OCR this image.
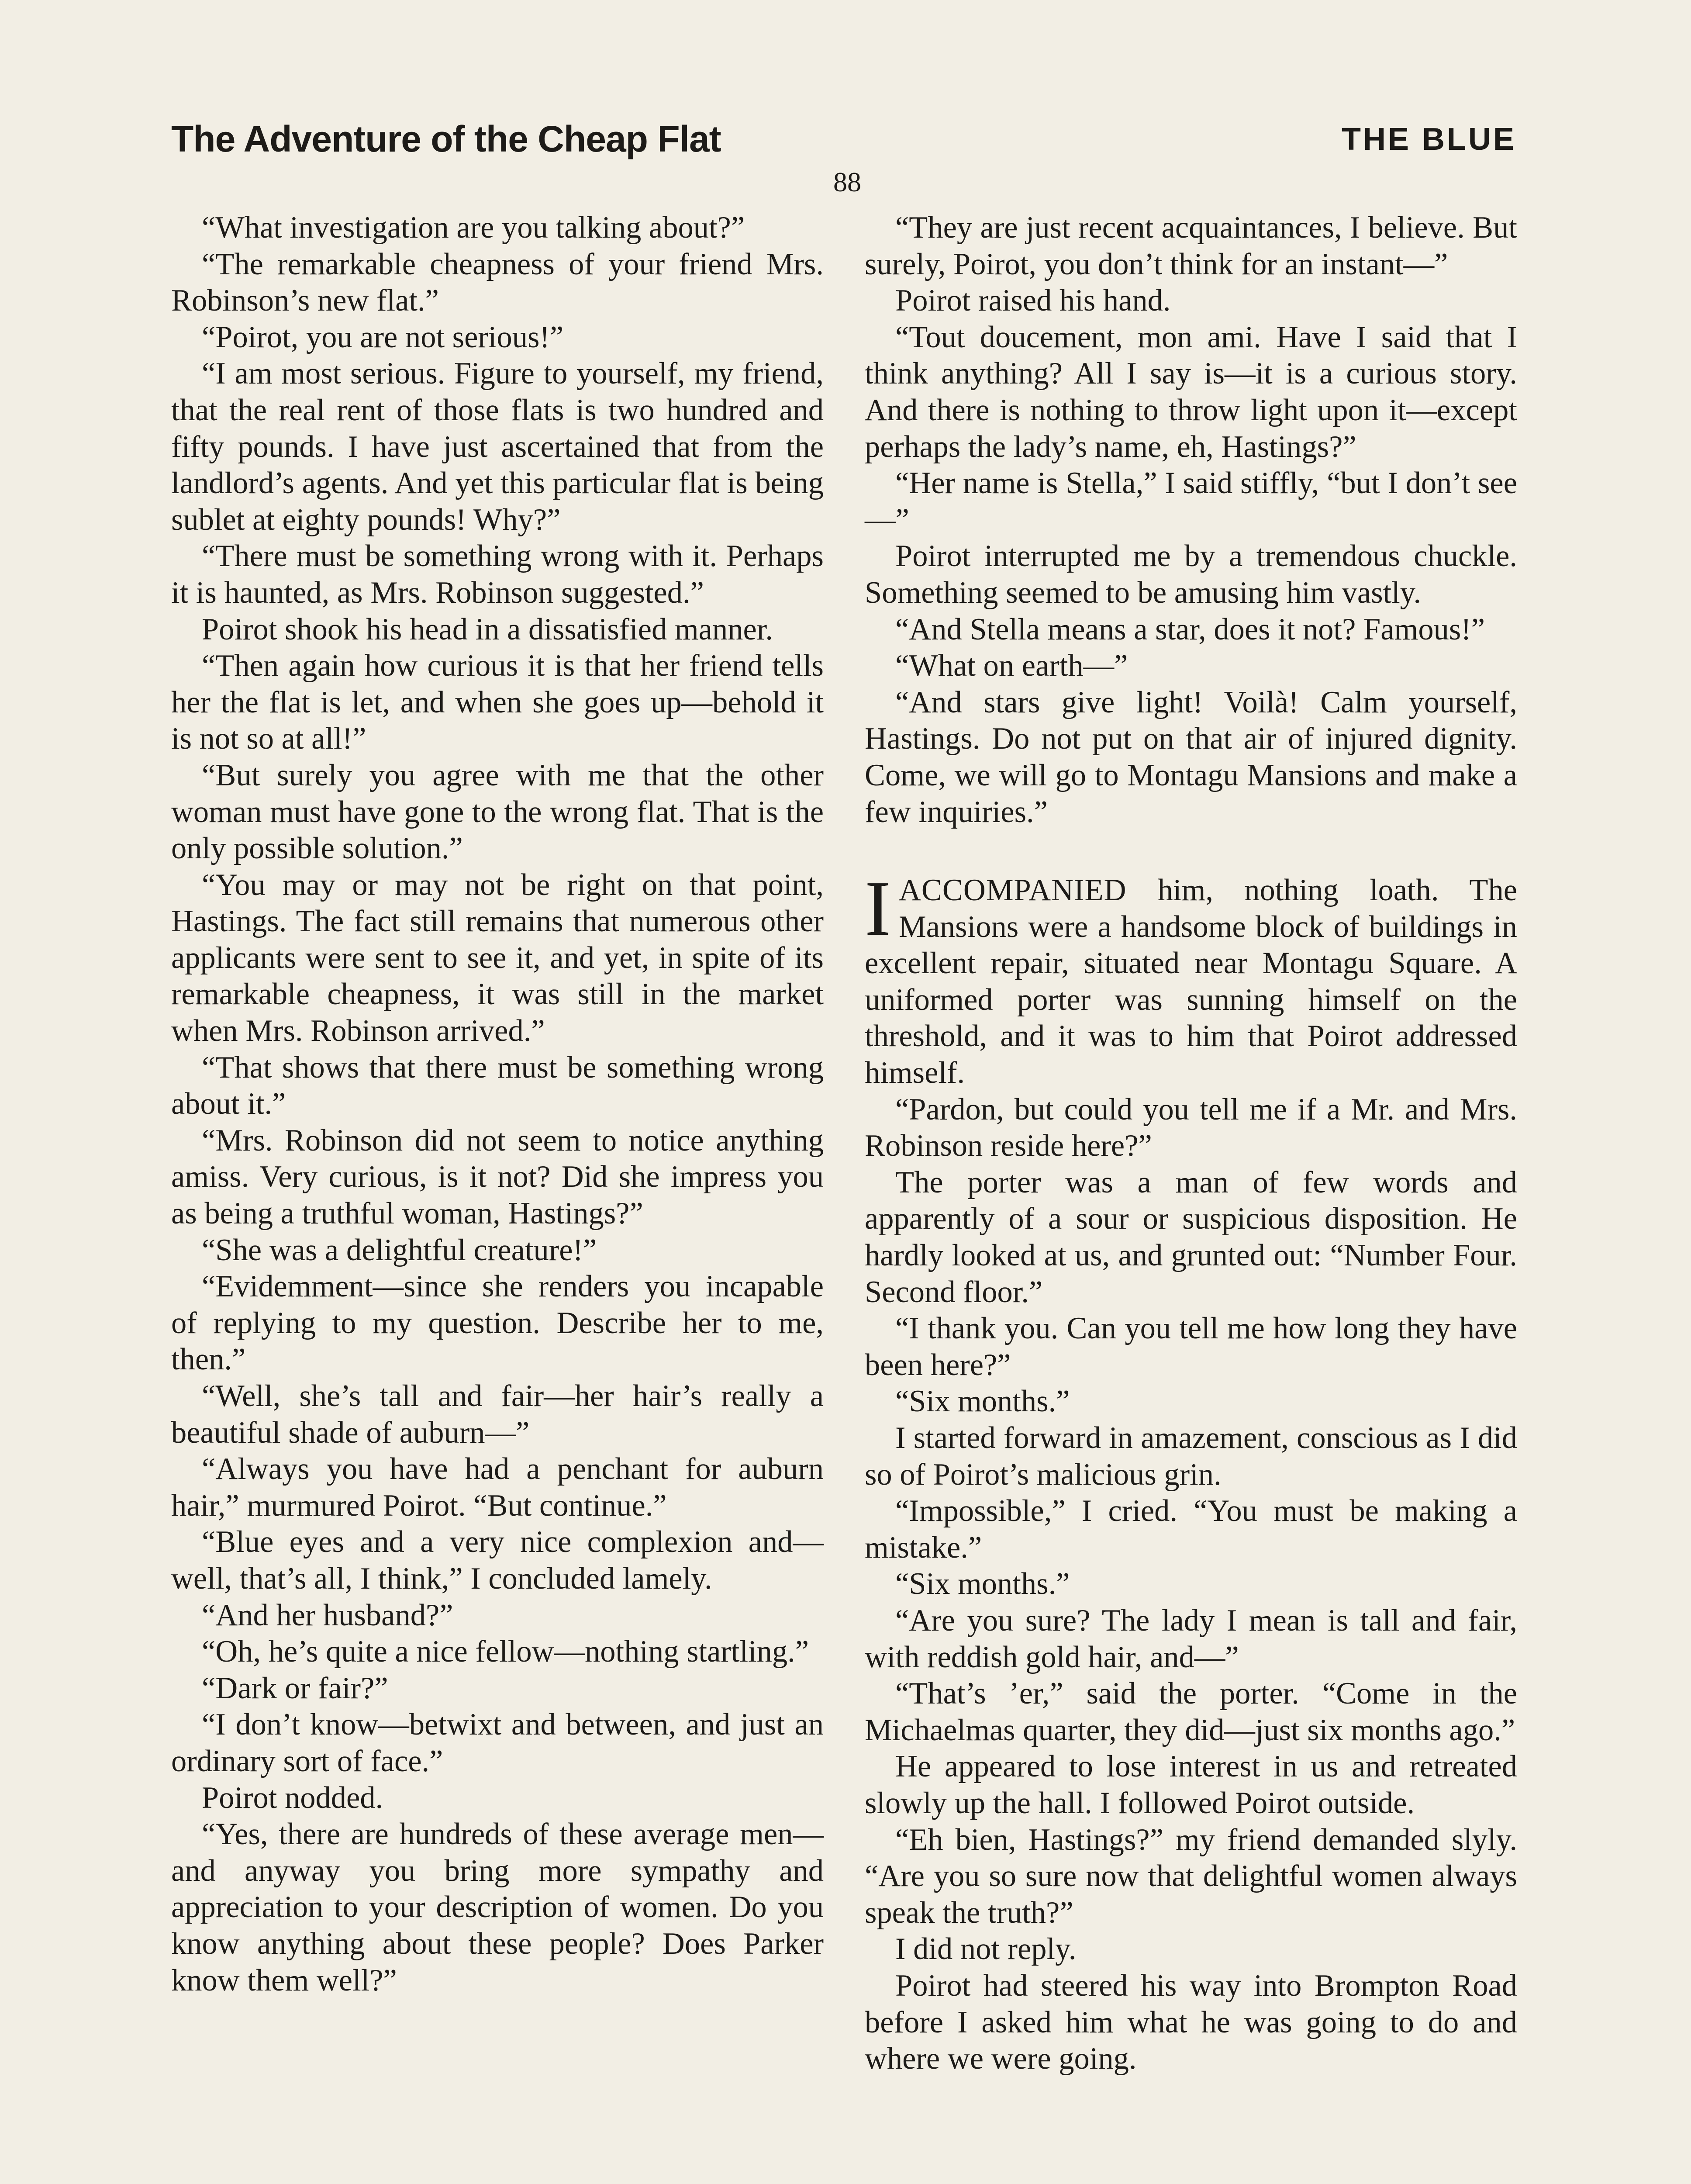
The Adventure of the Cheap Flat	THE BLUE
88

“What investigation are you talking about?”

“The remarkable cheapness of your friend Mrs. Robinson’s new flat.”

“Poirot, you are not serious!”

“I am most serious. Figure to yourself, my friend, that the real rent of those flats is two hundred and fifty pounds. I have just ascertained that from the landlord’s agents. And yet this particular flat is being sublet at eighty pounds! Why?”

“There must be something wrong with it. Perhaps it is haunted, as Mrs. Robinson suggested.”

Poirot shook his head in a dissatisfied manner.

“Then again how curious it is that her friend tells her the flat is let, and when she goes up—behold it is not so at all!”

“But surely you agree with me that the other woman must have gone to the wrong flat. That is the only possible solution.”

“You may or may not be right on that point, Hastings. The fact still remains that numerous other applicants were sent to see it, and yet, in spite of its remarkable cheapness, it was still in the market when Mrs. Robinson arrived.”

“That shows that there must be something wrong about it.”

“Mrs. Robinson did not seem to notice anything amiss. Very curious, is it not? Did she impress you as being a truthful woman, Hastings?”

“She was a delightful creature!”

“Evidemment—since she renders you incapable of replying to my question. Describe her to me, then.”

“Well, she’s tall and fair—her hair’s really a beautiful shade of auburn—”

“Always you have had a penchant for auburn hair,” murmured Poirot. “But continue.”

“Blue eyes and a very nice complexion and—well, that’s all, I think,” I concluded lamely.

“And her husband?”

“Oh, he’s quite a nice fellow—nothing startling.”

“Dark or fair?”

“I don’t know—betwixt and between, and just an ordinary sort of face.”

Poirot nodded.

“Yes, there are hundreds of these average men—and anyway you bring more sympathy and appreciation to your description of women. Do you know anything about these people? Does Parker know them well?”

“They are just recent acquaintances, I believe. But surely, Poirot, you don’t think for an instant—”

Poirot raised his hand.

“Tout doucement, mon ami. Have I said that I think anything? All I say is—it is a curious story. And there is nothing to throw light upon it—except perhaps the lady’s name, eh, Hastings?”

“Her name is Stella,” I said stiffly, “but I don’t see—”

Poirot interrupted me by a tremendous chuckle. Something seemed to be amusing him vastly.

“And Stella means a star, does it not? Famous!”

“What on earth—”

“And stars give light! Voilà! Calm yourself, Hastings. Do not put on that air of injured dignity. Come, we will go to Montagu Mansions and make a few inquiries.”

IACCOMPANIED him, nothing loath. The Mansions were a handsome block of buildings in excellent repair, situated near Montagu Square. A uniformed porter was sunning himself on the threshold, and it was to him that Poirot addressed himself.

“Pardon, but could you tell me if a Mr. and Mrs. Robinson reside here?”

The porter was a man of few words and apparently of a sour or suspicious disposition. He hardly looked at us, and grunted out: “Number Four. Second floor.”

“I thank you. Can you tell me how long they have been here?”

“Six months.”

I started forward in amazement, conscious as I did so of Poirot’s malicious grin.

“Impossible,” I cried. “You must be making a mistake.”

“Six months.”

“Are you sure? The lady I mean is tall and fair, with reddish gold hair, and—”

“That’s ’er,” said the porter. “Come in the Michaelmas quarter, they did—just six months ago.”

He appeared to lose interest in us and retreated slowly up the hall. I followed Poirot outside.

“Eh bien, Hastings?” my friend demanded slyly. “Are you so sure now that delightful women always speak the truth?”

I did not reply.

Poirot had steered his way into Brompton Road before I asked him what he was going to do and where we were going.
